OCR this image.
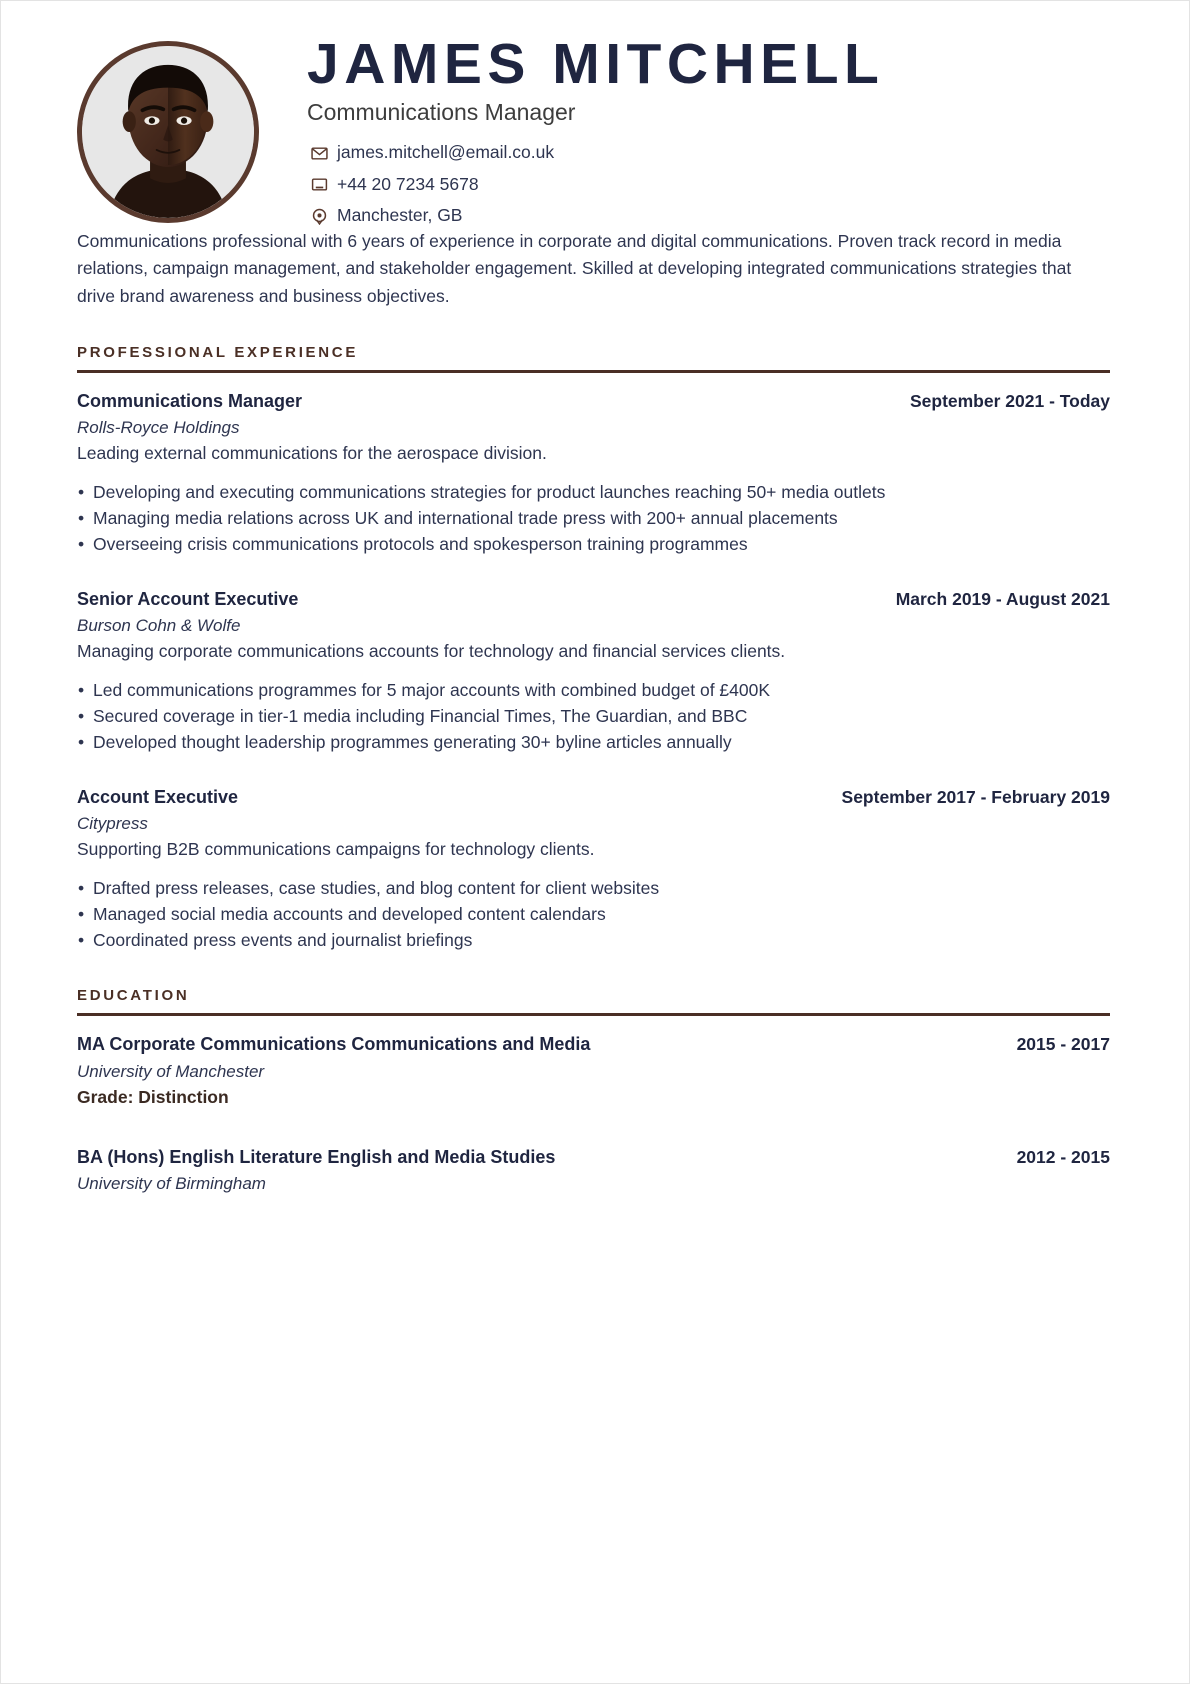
JAMES MITCHELL
Communications Manager
james.mitchell@email.co.uk
+44 20 7234 5678
Manchester, GB

Communications professional with 6 years of experience in corporate and digital communications. Proven track record in media relations, campaign management, and stakeholder engagement. Skilled at developing integrated communications strategies that drive brand awareness and business objectives.

PROFESSIONAL EXPERIENCE
Communications Manager	September 2021 - Today
Rolls-Royce Holdings
Leading external communications for the aerospace division.
• Developing and executing communications strategies for product launches reaching 50+ media outlets
• Managing media relations across UK and international trade press with 200+ annual placements
• Overseeing crisis communications protocols and spokesperson training programmes
Senior Account Executive	March 2019 - August 2021
Burson Cohn & Wolfe
Managing corporate communications accounts for technology and financial services clients.
• Led communications programmes for 5 major accounts with combined budget of £400K
• Secured coverage in tier-1 media including Financial Times, The Guardian, and BBC
• Developed thought leadership programmes generating 30+ byline articles annually
Account Executive	September 2017 - February 2019
Citypress
Supporting B2B communications campaigns for technology clients.
• Drafted press releases, case studies, and blog content for client websites
• Managed social media accounts and developed content calendars
• Coordinated press events and journalist briefings
EDUCATION
MA Corporate Communications Communications and Media	2015 - 2017
University of Manchester
Grade: Distinction
BA (Hons) English Literature English and Media Studies	2012 - 2015
University of Birmingham
